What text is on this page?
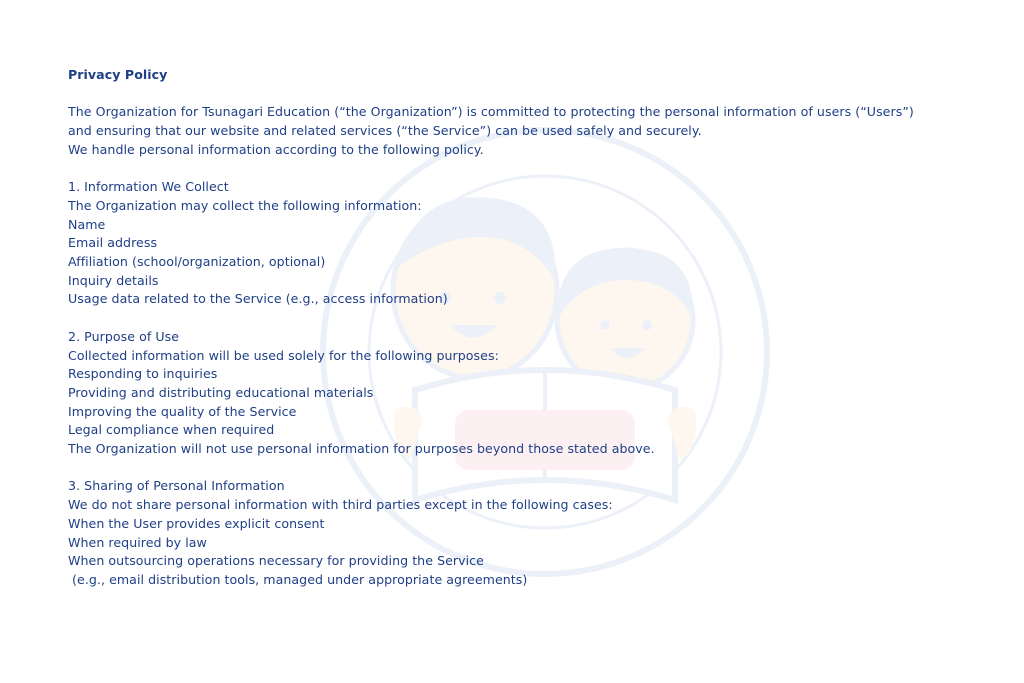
Privacy Policy
The Organization for Tsunagari Education (“the Organization”) is committed to protecting the personal information of users (“Users”)
and ensuring that our website and related services (“the Service”) can be used safely and securely.
We handle personal information according to the following policy.
1. Information We Collect
The Organization may collect the following information:
Name
Email address
Affiliation (school/organization, optional)
Inquiry details
Usage data related to the Service (e.g., access information)
2. Purpose of Use
Collected information will be used solely for the following purposes:
Responding to inquiries
Providing and distributing educational materials
Improving the quality of the Service
Legal compliance when required
The Organization will not use personal information for purposes beyond those stated above.
3. Sharing of Personal Information
We do not share personal information with third parties except in the following cases:
When the User provides explicit consent
When required by law
When outsourcing operations necessary for providing the Service
(e.g., email distribution tools, managed under appropriate agreements)
